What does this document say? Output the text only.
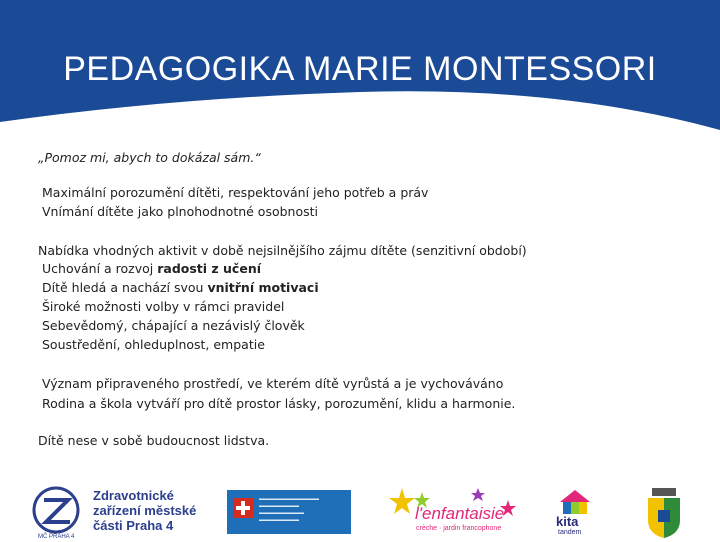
PEDAGOGIKA MARIE MONTESSORI
„Pomoz mi, abych to dokázal sám.“
Maximální porozumění dítěti, respektování jeho potřeb a práv
Vnímání dítěte jako plnohodnotné osobnosti
Nabídka vhodných aktivit v době nejsilnějšího zájmu dítěte (senzitivní období)
Uchování a rozvoj radosti z učení
Dítě hledá a nachází svou vnitřní motivaci
Široké možnosti volby v rámci pravidel
Sebevědomý, chápající a nezávislý člověk
Soustředění, ohleduplnost, empatie
Význam připraveného prostředí, ve kterém dítě vyrůstá a je vychováváno
Rodina a škola vytváří pro dítě prostor lásky, porozumění, klidu a harmonie.
Dítě nese v sobě budoucnost lidstva.
MČ PRAHA 4
Zdravotnické
zařízení městské
části Praha 4
▬▬▬▬▬▬▬▬▬▬▬▬
▬▬▬▬▬▬▬▬
▬▬▬▬▬▬▬▬▬
▬▬▬▬▬▬▬▬	l'enfantaisie
crèche · jardin francophone	kita
tandem
